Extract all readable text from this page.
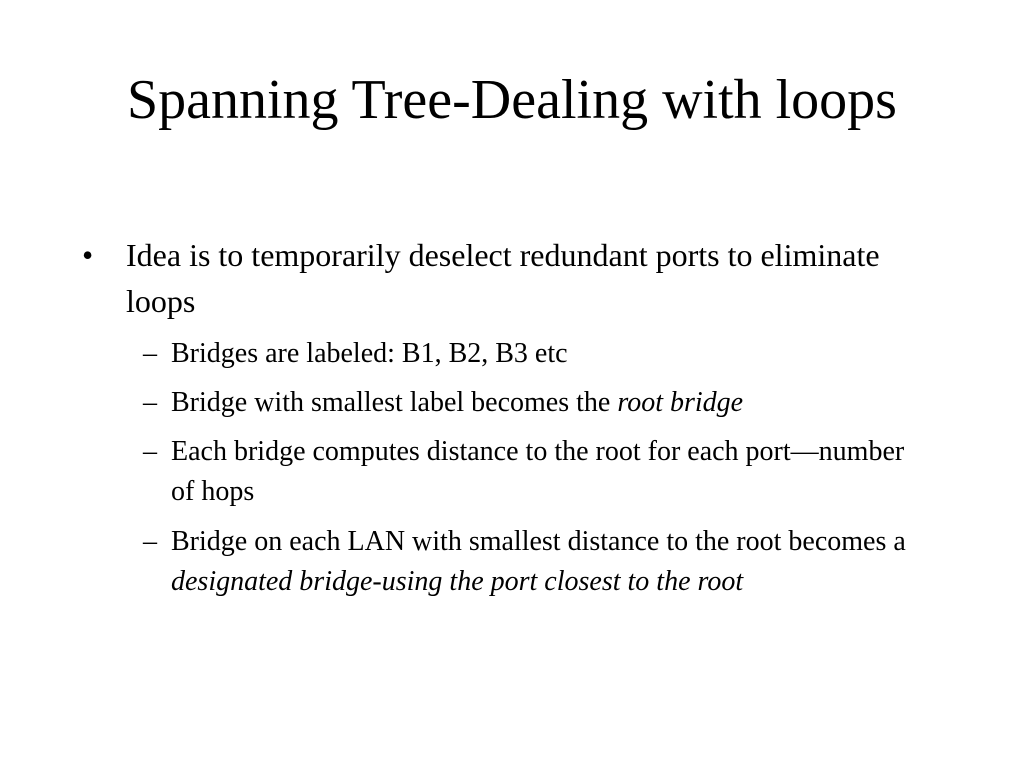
Spanning Tree-Dealing with loops
• Idea is to temporarily deselect redundant ports to eliminate loops
– Bridges are labeled: B1, B2, B3 etc
– Bridge with smallest label becomes the root bridge
– Each bridge computes distance to the root for each port—number of hops
– Bridge on each LAN with smallest distance to the root becomes a designated bridge-using the port closest to the root
